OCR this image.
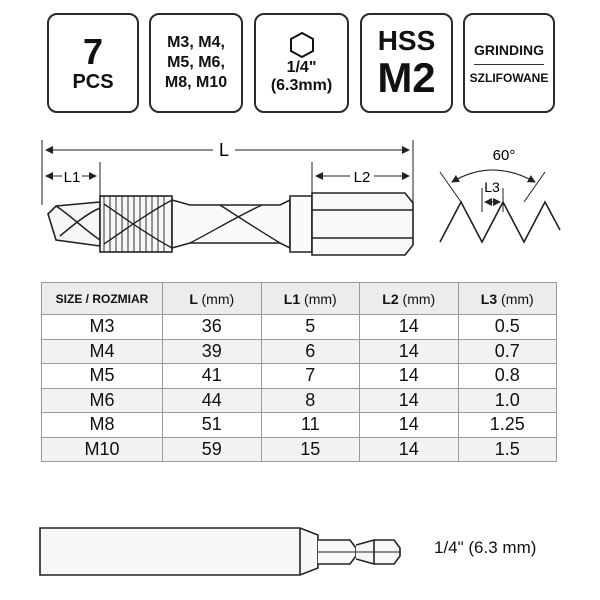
7
PCS
M3, M4,
M5, M6,
M8, M10
1/4"
(6.3mm)
HSS
M2
GRINDING
SZLIFOWANE
L
L1	L2
60°
L3
SIZE / ROZMIAR	L (mm)	L1 (mm)	L2 (mm)	L3 (mm)
M3	36	5	14	0.5
M4	39	6	14	0.7
M5	41	7	14	0.8
M6	44	8	14	1.0
M8	51	11	14	1.25
M10	59	15	14	1.5
1/4" (6.3 mm)
